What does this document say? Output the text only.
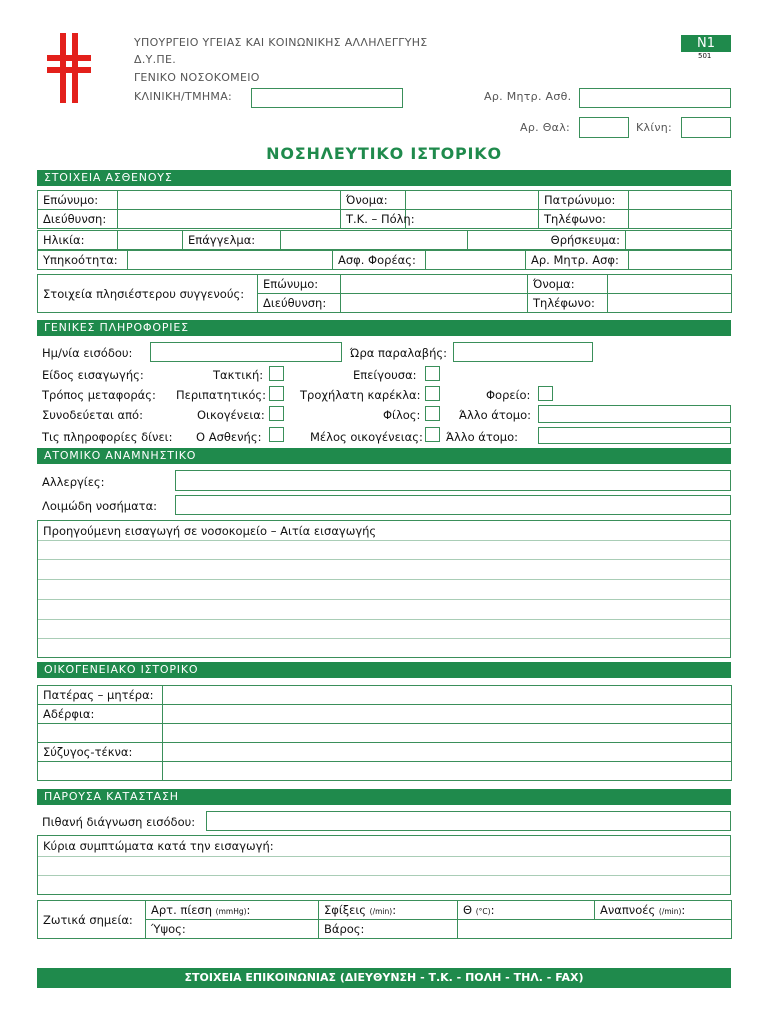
ΥΠΟΥΡΓΕΙΟ ΥΓΕΙΑΣ ΚΑΙ ΚΟΙΝΩΝΙΚΗΣ ΑΛΛΗΛΕΓΓΥΗΣ
Δ.Υ.ΠΕ.
ΓΕΝΙΚΟ ΝΟΣΟΚΟΜΕΙΟ
ΚΛΙΝΙΚΗ/ΤΜΗΜΑ:	Αρ. Μητρ. Ασθ.
Αρ. Θαλ:	Κλίνη:
Ν1
501
ΝΟΣΗΛΕΥΤΙΚΟ ΙΣΤΟΡΙΚΟ
ΣΤΟΙΧΕΙΑ ΑΣΘΕΝΟΥΣ
Επώνυμο:		Όνομα:		Πατρώνυμο:	
Διεύθυνση:		Τ.Κ. – Πόλη:		Τηλέφωνο:	
Ηλικία:		Επάγγελμα:		Θρήσκευμα:	
Υπηκοότητα:		Ασφ. Φορέας:		Αρ. Μητρ. Ασφ:	
Στοιχεία πλησιέστερου συγγενούς:	Επώνυμο:		Όνομα:	
	Διεύθυνση:		Τηλέφωνο:	
ΓΕΝΙΚΕΣ ΠΛΗΡΟΦΟΡΙΕΣ
Ημ/νία εισόδου:	Ώρα παραλαβής:
Είδος εισαγωγής:	Τακτική:	Επείγουσα:
Τρόπος μεταφοράς: Περιπατητικός:	Τροχήλατη καρέκλα:	Φορείο:
Συνοδεύεται από:	Οικογένεια:	Φίλος:	Άλλο άτομο:
Τις πληροφορίες δίνει: Ο Ασθενής:	Μέλος οικογένειας: Άλλο άτομο:
ΑΤΟΜΙΚΟ ΑΝΑΜΝΗΣΤΙΚΟ
Αλλεργίες:
Λοιμώδη νοσήματα:
Προηγούμενη εισαγωγή σε νοσοκομείο – Αιτία εισαγωγής
ΟΙΚΟΓΕΝΕΙΑΚΟ ΙΣΤΟΡΙΚΟ
Πατέρας – μητέρα:	
Αδέρφια:	

Σύζυγος-τέκνα:	

ΠΑΡΟΥΣΑ ΚΑΤΑΣΤΑΣΗ
Πιθανή διάγνωση εισόδου:
Κύρια συμπτώματα κατά την εισαγωγή:
Ζωτικά σημεία:	Αρτ. πίεση (mmHg):	Σφίξεις (/min):	Θ (°C):	Αναπνοές (/min):
	Ύψος:	Βάρος:		
ΣΤΟΙΧΕΙΑ ΕΠΙΚΟΙΝΩΝΙΑΣ (ΔΙΕΥΘΥΝΣΗ - Τ.Κ. - ΠΟΛΗ - ΤΗΛ. - FAX)
